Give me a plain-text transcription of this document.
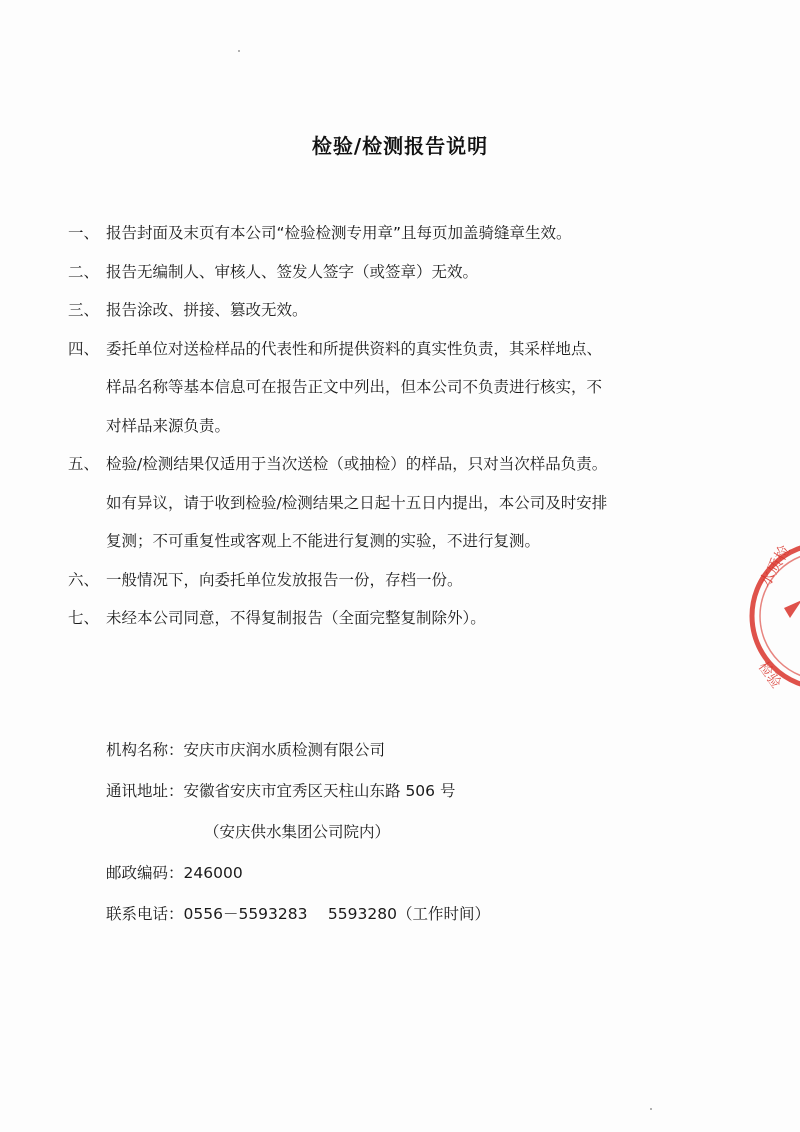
检验/检测报告说明
一、 报告封面及末页有本公司“检验检测专用章”且每页加盖骑缝章生效。
二、 报告无编制人、审核人、签发人签字（或签章）无效。
三、 报告涂改、拼接、篡改无效。
四、 委托单位对送检样品的代表性和所提供资料的真实性负责，其采样地点、
样品名称等基本信息可在报告正文中列出，但本公司不负责进行核实，不
对样品来源负责。
五、 检验/检测结果仅适用于当次送检（或抽检）的样品，只对当次样品负责。
如有异议，请于收到检验/检测结果之日起十五日内提出，本公司及时安排
复测；不可重复性或客观上不能进行复测的实验，不进行复测。
六、 一般情况下，向委托单位发放报告一份，存档一份。
七、 未经本公司同意，不得复制报告（全面完整复制除外）。
机构名称：安庆市庆润水质检测有限公司
通讯地址：安徽省安庆市宜秀区天柱山东路 506 号
（安庆供水集团公司院内）
邮政编码：246000
联系电话：0556－5593283　 5593280（工作时间）
水质检
检验
